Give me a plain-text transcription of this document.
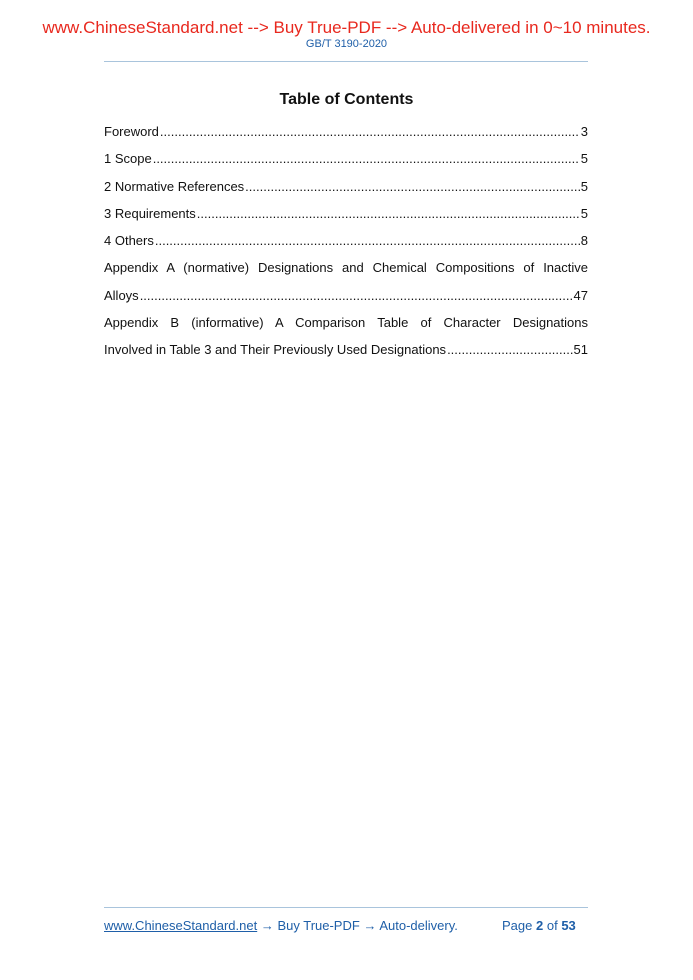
www.ChineseStandard.net --> Buy True-PDF --> Auto-delivered in 0~10 minutes.
GB/T 3190-2020
Table of Contents
Foreword .....	3
1 Scope .....	5
2 Normative References .....	5
3 Requirements .....	5
4 Others .....	8
Appendix A (normative) Designations and Chemical Compositions of Inactive
Alloys .....	47
Appendix B (informative) A Comparison Table of Character Designations
Involved in Table 3 and Their Previously Used Designations .....	51
www.ChineseStandard.net → Buy True-PDF → Auto-delivery.	Page 2 of 53
